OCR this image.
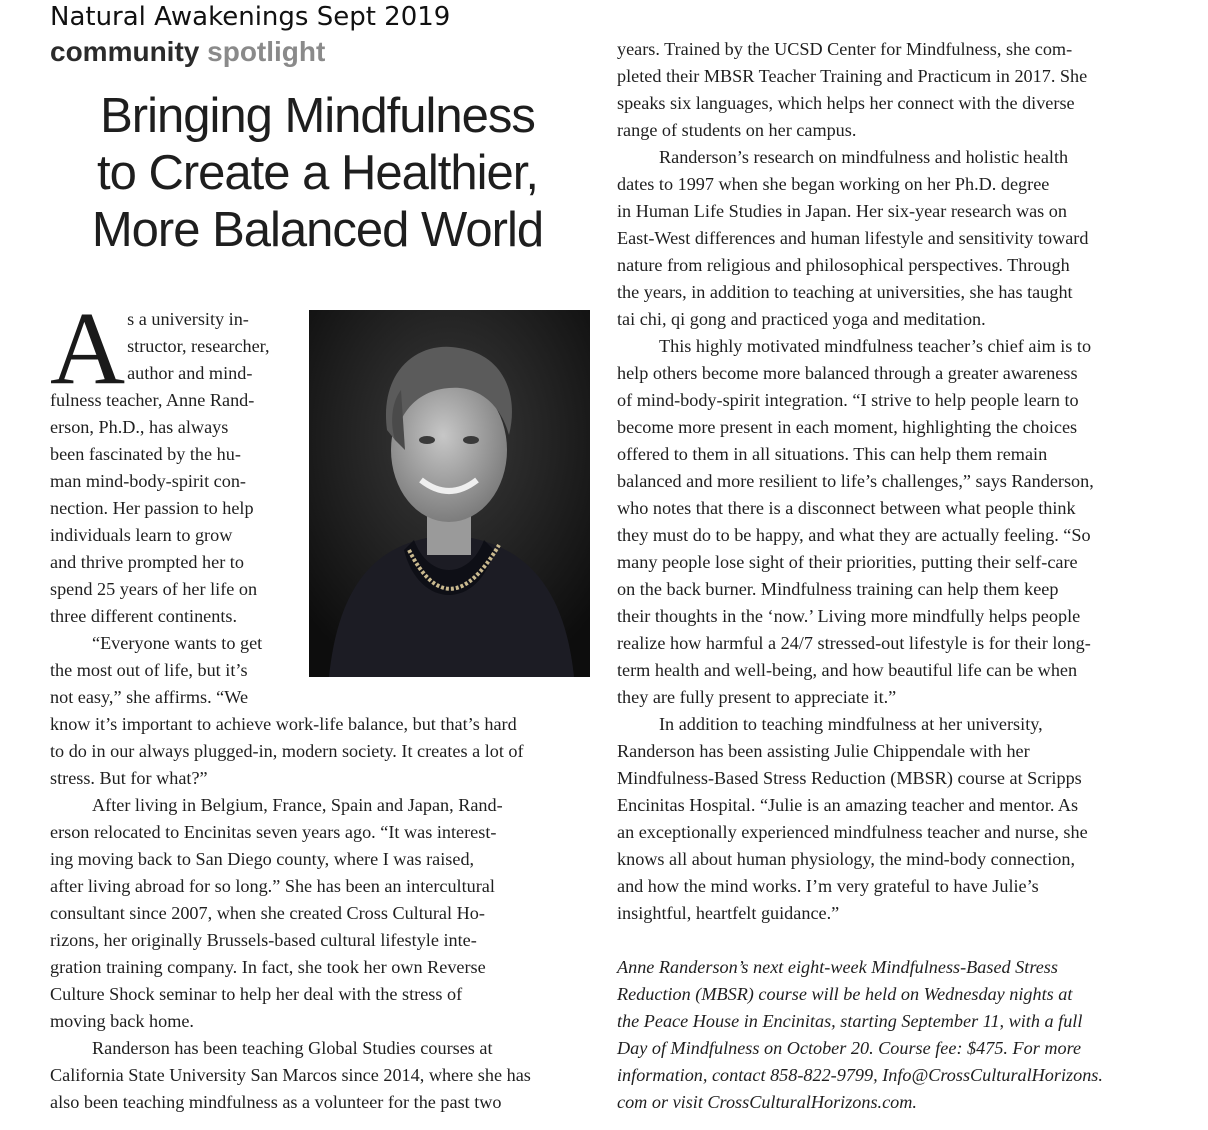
Natural Awakenings Sept 2019
community spotlight
Bringing Mindfulness
to Create a Healthier,
More Balanced World
A s a university in-
structor, researcher,
author and mind-
fulness teacher, Anne Rand-
erson, Ph.D., has always
been fascinated by the hu-
man mind-body-spirit con-
nection. Her passion to help
individuals learn to grow
and thrive prompted her to
spend 25 years of her life on
three different continents.
“Everyone wants to get
the most out of life, but it’s
not easy,” she affirms. “We
know it’s important to achieve work-life balance, but that’s hard
to do in our always plugged-in, modern society. It creates a lot of
stress. But for what?”
After living in Belgium, France, Spain and Japan, Rand-
erson relocated to Encinitas seven years ago. “It was interest-
ing moving back to San Diego county, where I was raised,
after living abroad for so long.” She has been an intercultural
consultant since 2007, when she created Cross Cultural Ho-
rizons, her originally Brussels-based cultural lifestyle inte-
gration training company. In fact, she took her own Reverse
Culture Shock seminar to help her deal with the stress of
moving back home.
Randerson has been teaching Global Studies courses at
California State University San Marcos since 2014, where she has
also been teaching mindfulness as a volunteer for the past two
years. Trained by the UCSD Center for Mindfulness, she com-
pleted their MBSR Teacher Training and Practicum in 2017. She
speaks six languages, which helps her connect with the diverse
range of students on her campus.
Randerson’s research on mindfulness and holistic health
dates to 1997 when she began working on her Ph.D. degree
in Human Life Studies in Japan. Her six-year research was on
East-West differences and human lifestyle and sensitivity toward
nature from religious and philosophical perspectives. Through
the years, in addition to teaching at universities, she has taught
tai chi, qi gong and practiced yoga and meditation.
This highly motivated mindfulness teacher’s chief aim is to
help others become more balanced through a greater awareness
of mind-body-spirit integration. “I strive to help people learn to
become more present in each moment, highlighting the choices
offered to them in all situations. This can help them remain
balanced and more resilient to life’s challenges,” says Randerson,
who notes that there is a disconnect between what people think
they must do to be happy, and what they are actually feeling. “So
many people lose sight of their priorities, putting their self-care
on the back burner. Mindfulness training can help them keep
their thoughts in the ‘now.’ Living more mindfully helps people
realize how harmful a 24/7 stressed-out lifestyle is for their long-
term health and well-being, and how beautiful life can be when
they are fully present to appreciate it.”
In addition to teaching mindfulness at her university,
Randerson has been assisting Julie Chippendale with her
Mindfulness-Based Stress Reduction (MBSR) course at Scripps
Encinitas Hospital. “Julie is an amazing teacher and mentor. As
an exceptionally experienced mindfulness teacher and nurse, she
knows all about human physiology, the mind-body connection,
and how the mind works. I’m very grateful to have Julie’s
insightful, heartfelt guidance.”
Anne Randerson’s next eight-week Mindfulness-Based Stress
Reduction (MBSR) course will be held on Wednesday nights at
the Peace House in Encinitas, starting September 11, with a full
Day of Mindfulness on October 20. Course fee: $475. For more
information, contact 858-822-9799, Info@CrossCulturalHorizons.
com or visit CrossCulturalHorizons.com.
